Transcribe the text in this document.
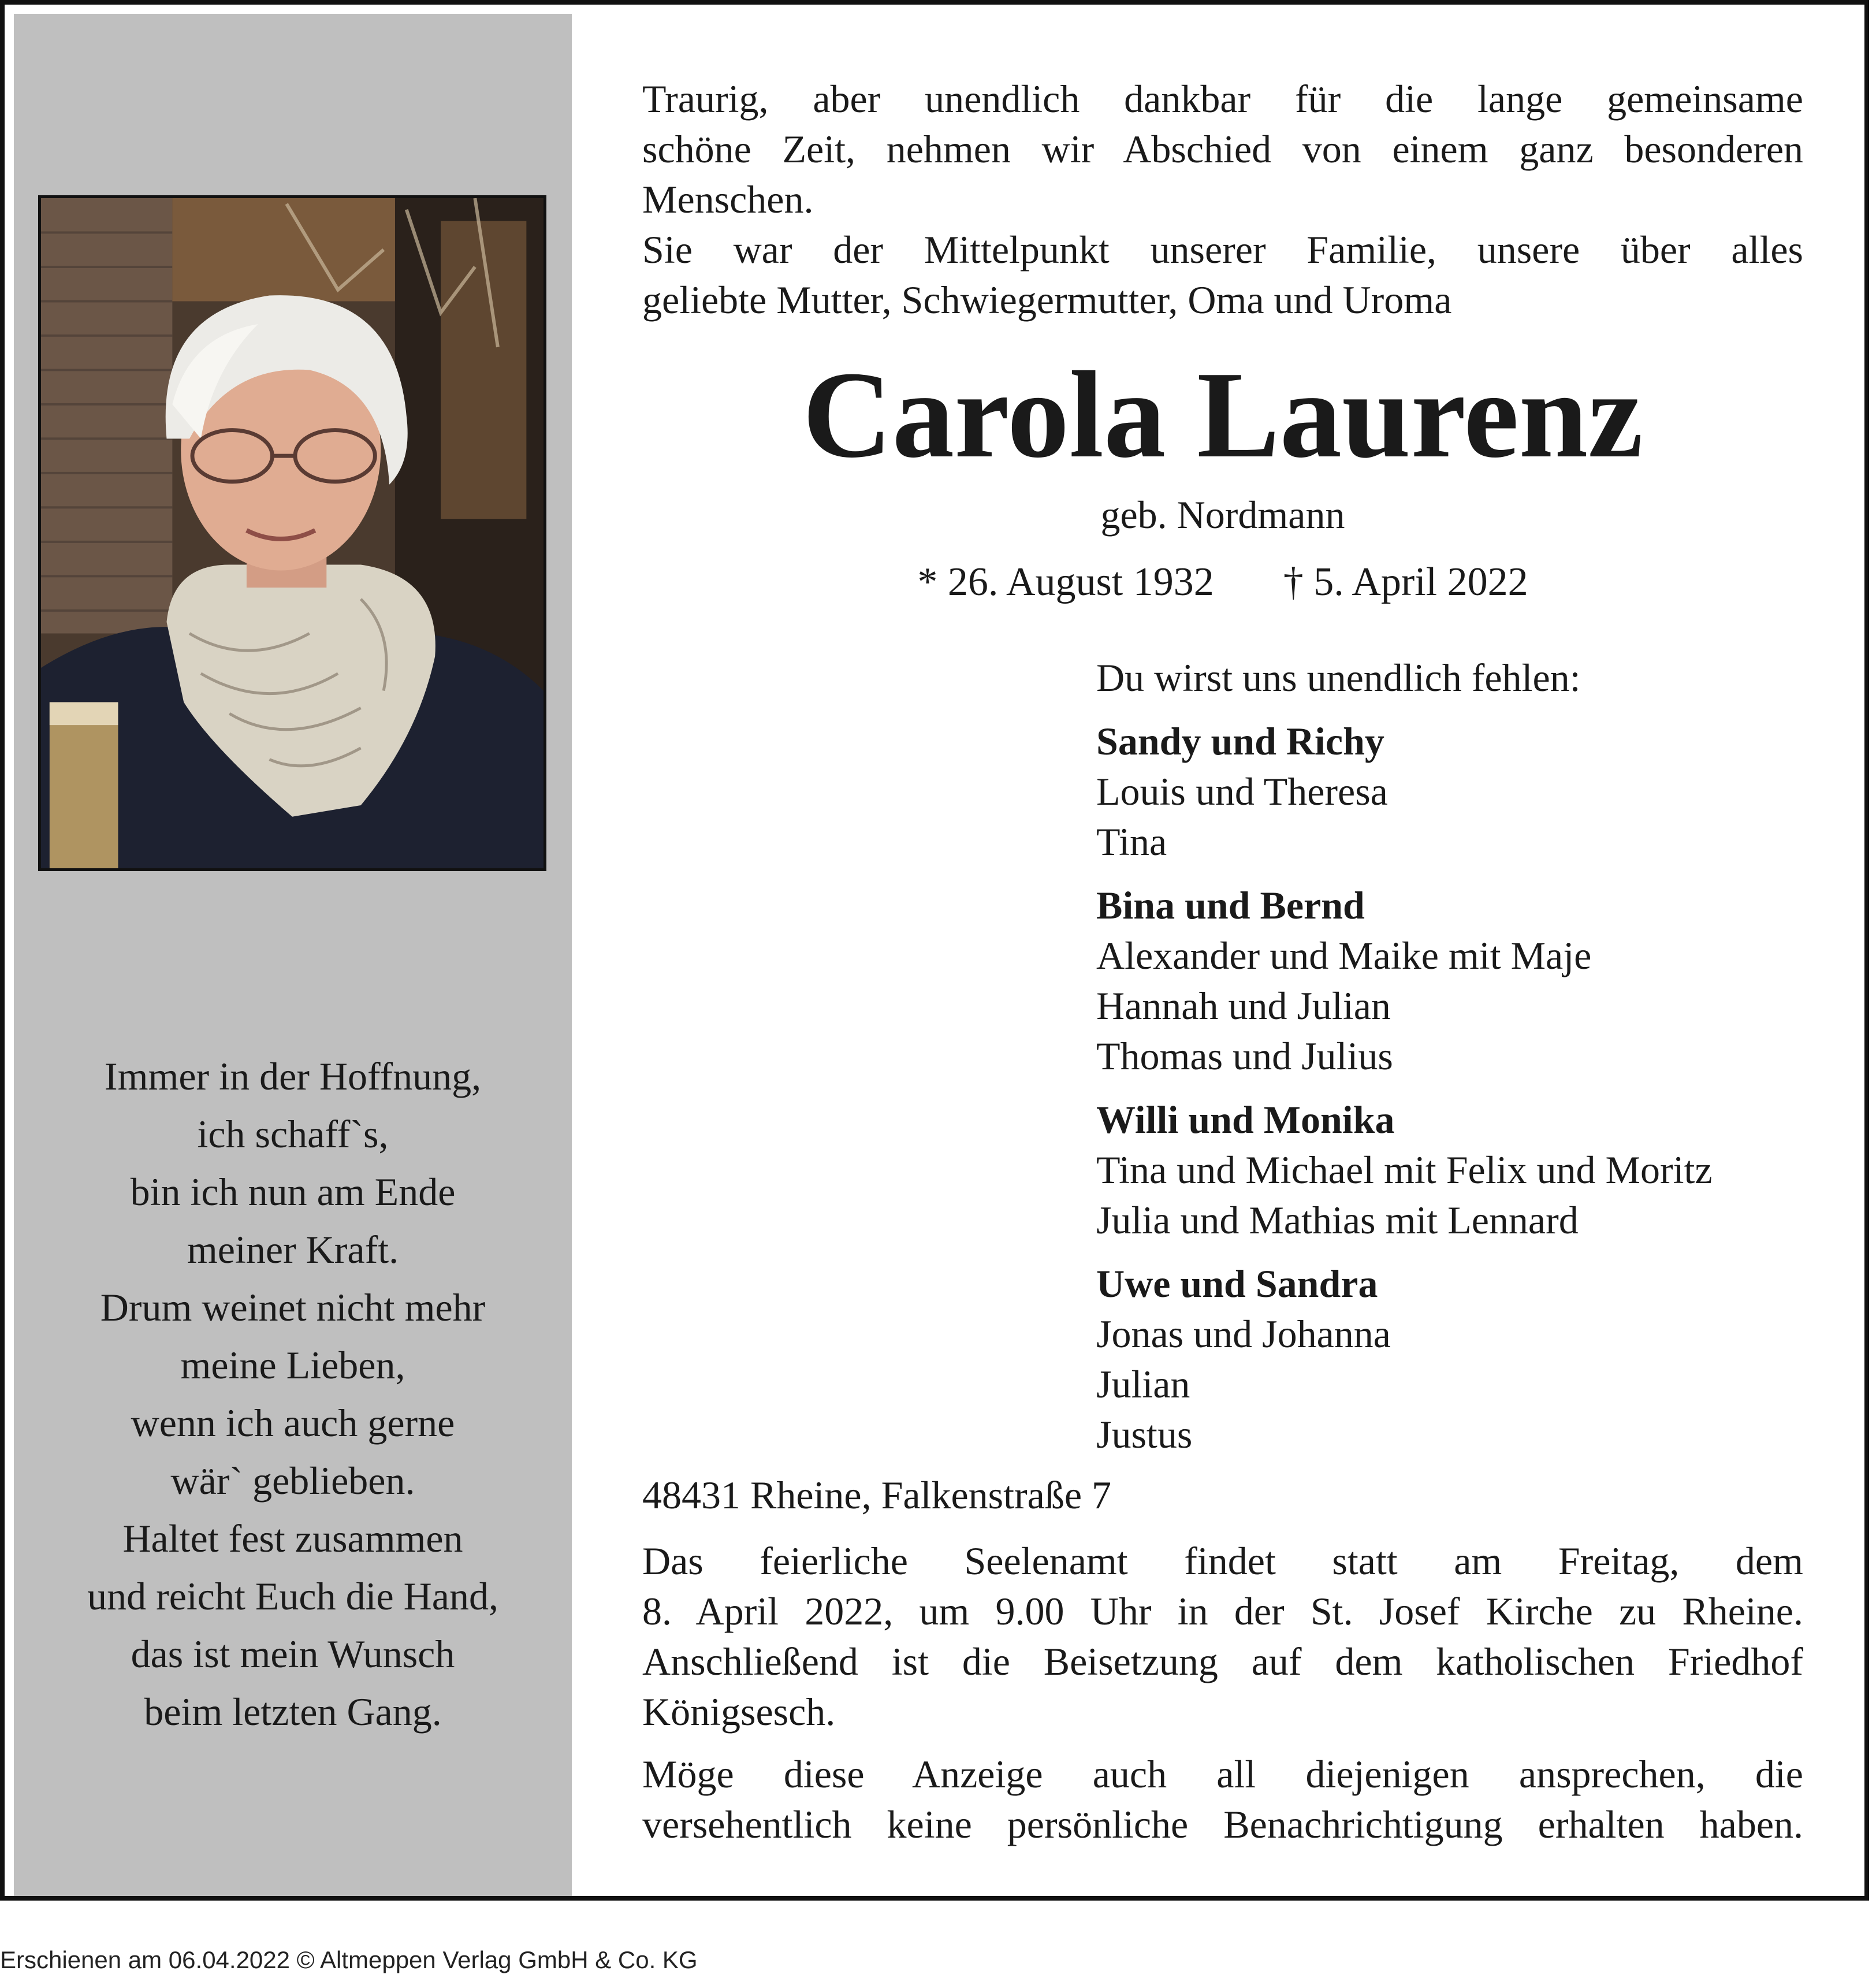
Immer in der Hoffnung,
ich schaff`s,
bin ich nun am Ende
meiner Kraft.
Drum weinet nicht mehr
meine Lieben,
wenn ich auch gerne
wär` geblieben.
Haltet fest zusammen
und reicht Euch die Hand,
das ist mein Wunsch
beim letzten Gang.
Traurig, aber unendlich dankbar für die lange gemeinsame
schöne Zeit, nehmen wir Abschied von einem ganz besonderen
Menschen.
Sie war der Mittelpunkt unserer Familie, unsere über alles
geliebte Mutter, Schwiegermutter, Oma und Uroma
Carola Laurenz
geb. Nordmann
* 26. August 1932 † 5. April 2022
Du wirst uns unendlich fehlen:
Sandy und Richy
Louis und Theresa
Tina
Bina und Bernd
Alexander und Maike mit Maje
Hannah und Julian
Thomas und Julius
Willi und Monika
Tina und Michael mit Felix und Moritz
Julia und Mathias mit Lennard
Uwe und Sandra
Jonas und Johanna
Julian
Justus
48431 Rheine, Falkenstraße 7
Das feierliche Seelenamt findet statt am Freitag, dem
8. April 2022, um 9.00 Uhr in der St. Josef Kirche zu Rheine.
Anschließend ist die Beisetzung auf dem katholischen Friedhof
Königsesch.
Möge diese Anzeige auch all diejenigen ansprechen, die
versehentlich keine persönliche Benachrichtigung erhalten haben.
Erschienen am 06.04.2022 © Altmeppen Verlag GmbH & Co. KG
